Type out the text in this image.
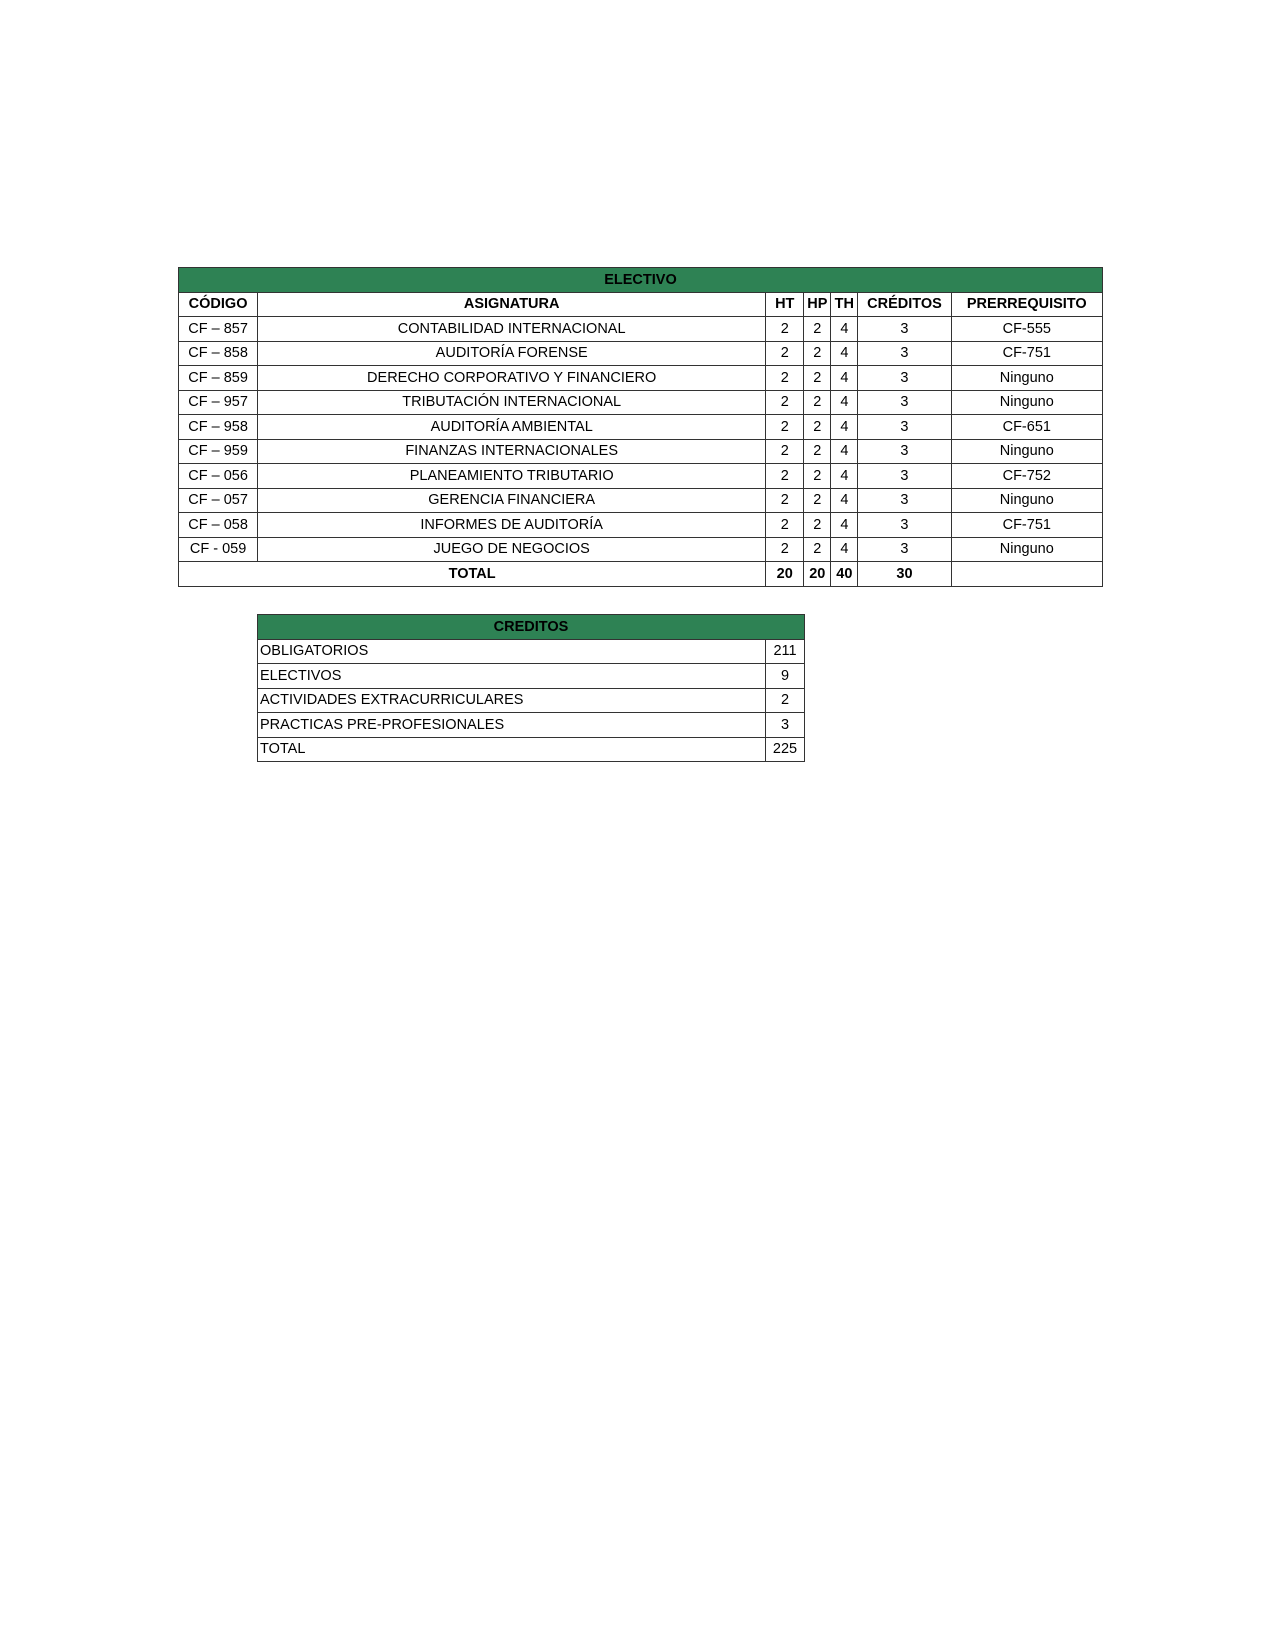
ELECTIVO						
CÓDIGO	ASIGNATURA	HT	HP	TH	CRÉDITOS	PRERREQUISITO
CF – 857	CONTABILIDAD INTERNACIONAL	2	2	4	3	CF-555
CF – 858	AUDITORÍA FORENSE	2	2	4	3	CF-751
CF – 859	DERECHO CORPORATIVO Y FINANCIERO	2	2	4	3	Ninguno
CF – 957	TRIBUTACIÓN INTERNACIONAL	2	2	4	3	Ninguno
CF – 958	AUDITORÍA AMBIENTAL	2	2	4	3	CF-651
CF – 959	FINANZAS INTERNACIONALES	2	2	4	3	Ninguno
CF – 056	PLANEAMIENTO TRIBUTARIO	2	2	4	3	CF-752
CF – 057	GERENCIA FINANCIERA	2	2	4	3	Ninguno
CF – 058	INFORMES DE AUDITORÍA	2	2	4	3	CF-751
CF - 059	JUEGO DE NEGOCIOS	2	2	4	3	Ninguno
TOTAL		20	20	40	30	
CREDITOS	
OBLIGATORIOS	211
ELECTIVOS	9
ACTIVIDADES EXTRACURRICULARES	2
PRACTICAS PRE-PROFESIONALES	3
TOTAL	225
